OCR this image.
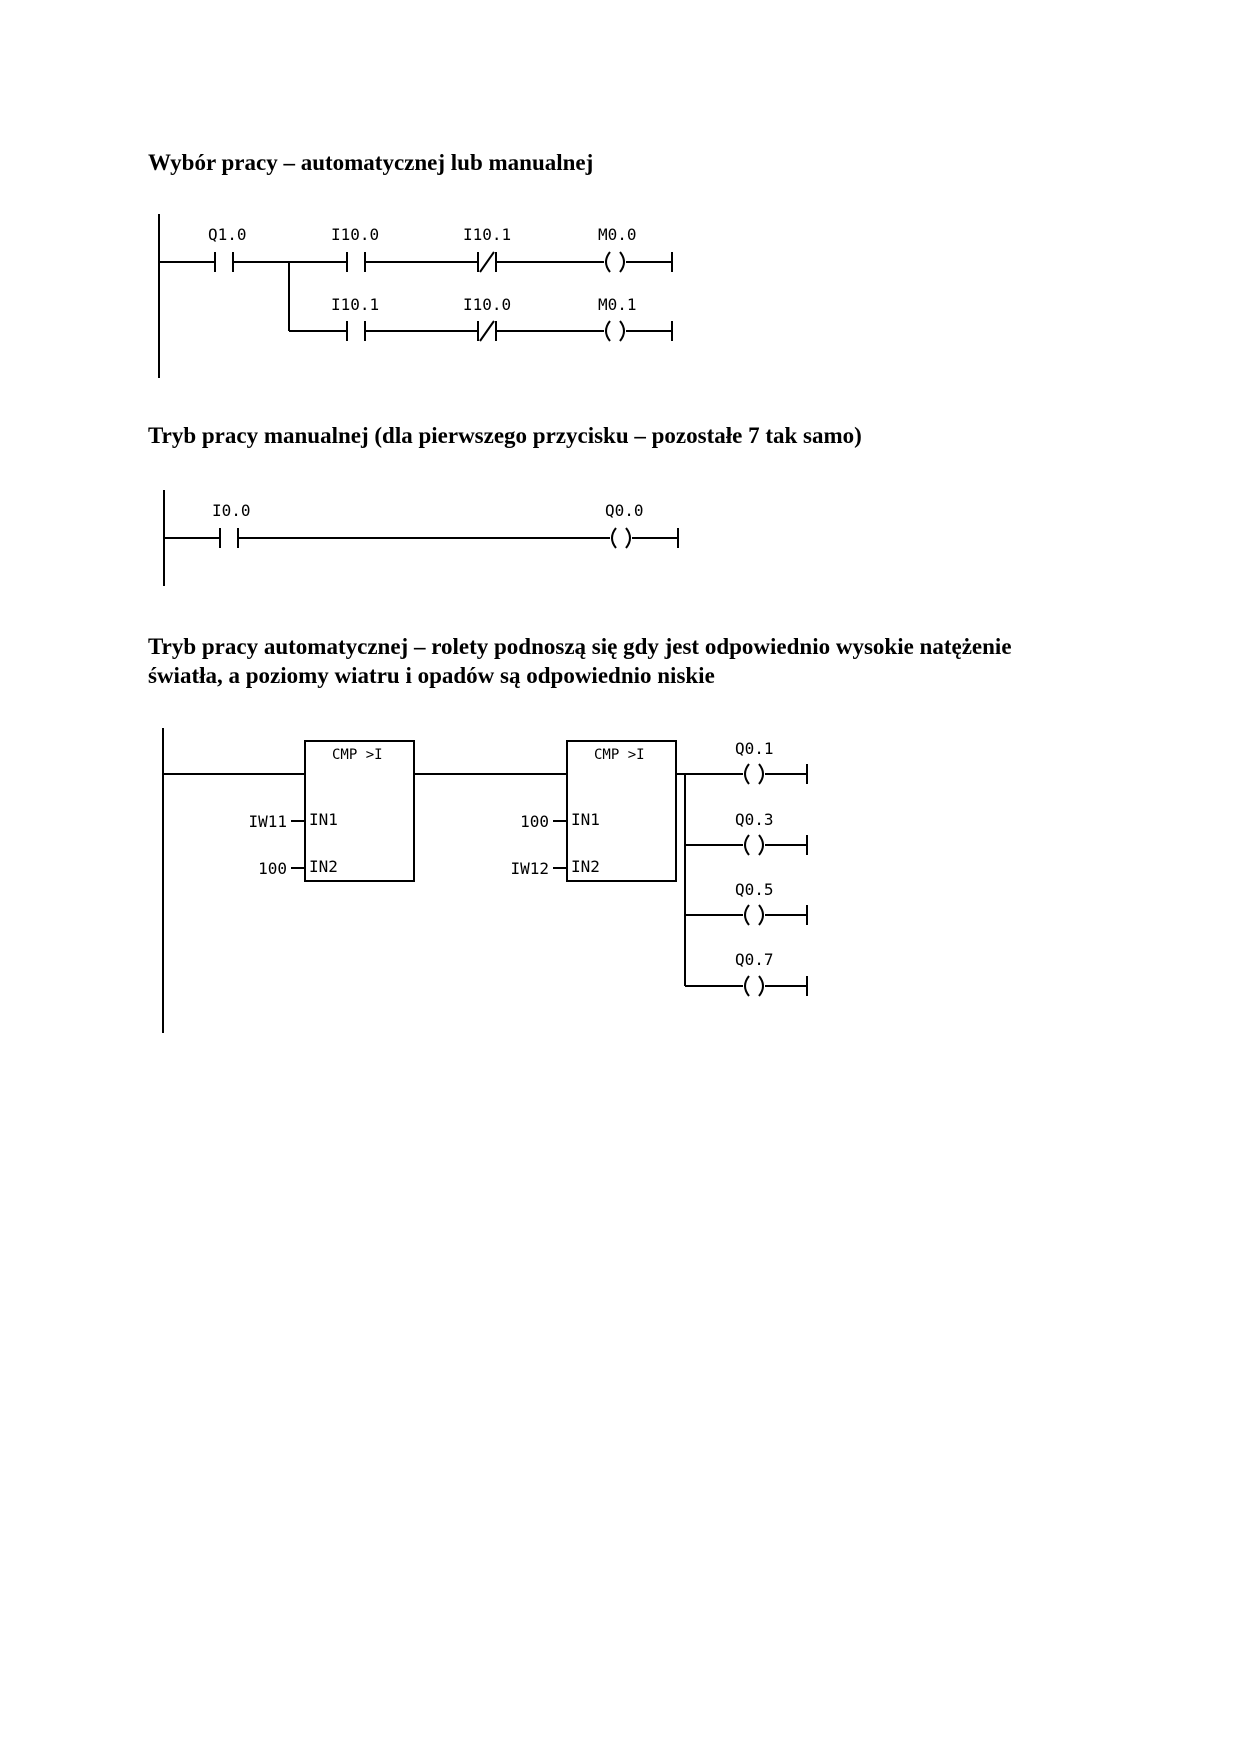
Wybór pracy – automatycznej lub manualnej
Q1.0	I10.0	I10.1	M0.0
I10.1	I10.0	M0.1
Tryb pracy manualnej (dla pierwszego przycisku – pozostałe 7 tak samo)
I0.0	Q0.0
Tryb pracy automatycznej – rolety podnoszą się gdy jest odpowiednio wysokie natężenie
światła, a poziomy wiatru i opadów są odpowiednio niskie
CMP >I
IN1
IN2
IW11
100
CMP >I
IN1
IN2
100
IW12
Q0.1
Q0.3
Q0.5
Q0.7
